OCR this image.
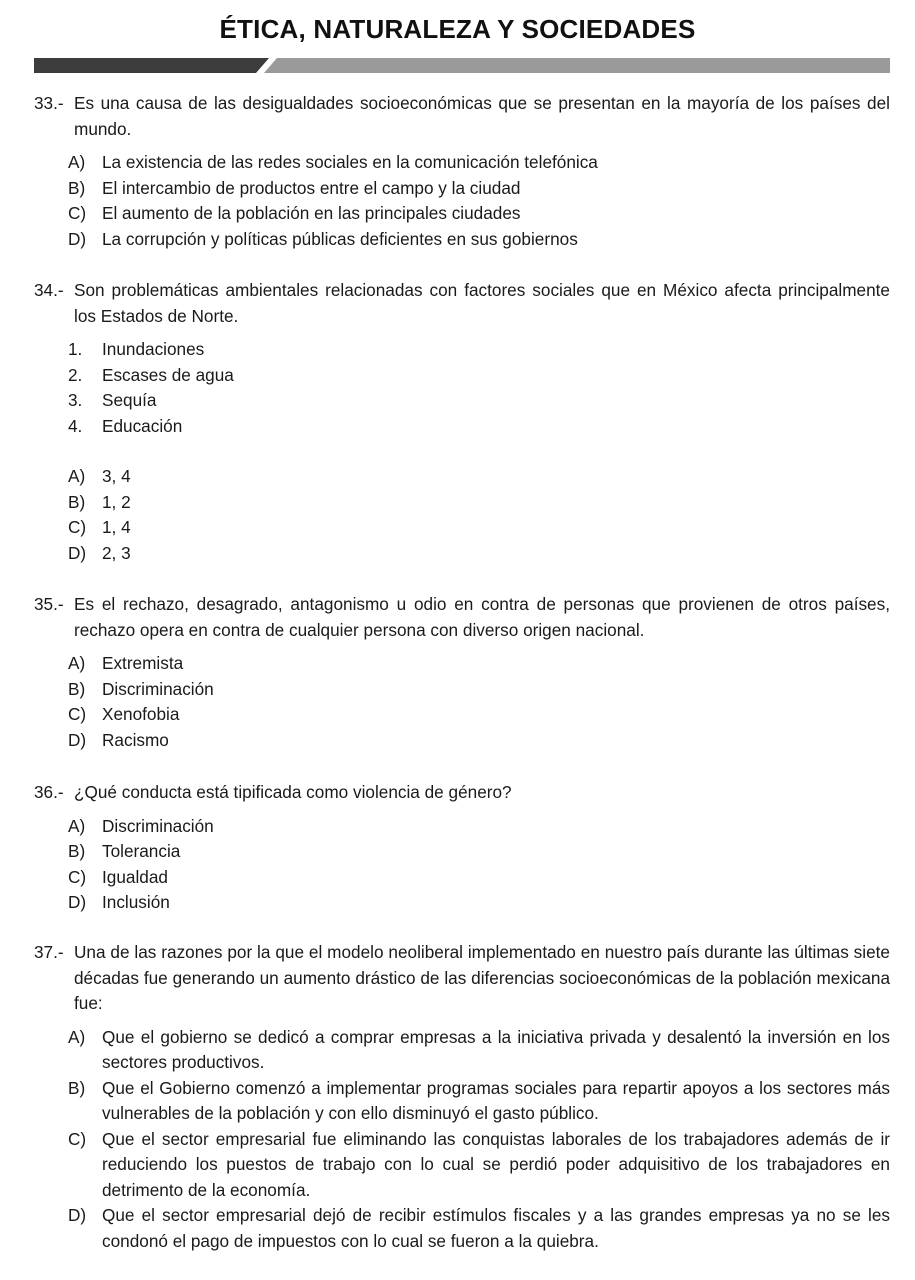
ÉTICA, NATURALEZA Y SOCIEDADES
33.- Es una causa de las desigualdades socioeconómicas que se presentan en la mayoría de los países del mundo.
A) La existencia de las redes sociales en la comunicación telefónica
B) El intercambio de productos entre el campo y la ciudad
C) El aumento de la población en las principales ciudades
D) La corrupción y políticas públicas deficientes en sus gobiernos
34.- Son problemáticas ambientales relacionadas con factores sociales que en México afecta principalmente los Estados de Norte.
1.	Inundaciones
2.	Escases de agua
3.	Sequía
4.	Educación
A) 3, 4
B) 1, 2
C) 1, 4
D) 2, 3
35.- Es el rechazo, desagrado, antagonismo u odio en contra de personas que provienen de otros países, rechazo opera en contra de cualquier persona con diverso origen nacional.
A) Extremista
B) Discriminación
C) Xenofobia
D) Racismo
36.- ¿Qué conducta está tipificada como violencia de género?
A) Discriminación
B) Tolerancia
C) Igualdad
D) Inclusión
37.- Una de las razones por la que el modelo neoliberal implementado en nuestro país durante las últimas siete décadas fue generando un aumento drástico de las diferencias socioeconómicas de la población mexicana fue:
A) Que el gobierno se dedicó a comprar empresas a la iniciativa privada y desalentó la inversión en los sectores productivos.
B) Que el Gobierno comenzó a implementar programas sociales para repartir apoyos a los sectores más vulnerables de la población y con ello disminuyó el gasto público.
C) Que el sector empresarial fue eliminando las conquistas laborales de los trabajadores además de ir reduciendo los puestos de trabajo con lo cual se perdió poder adquisitivo de los trabajadores en detrimento de la economía.
D) Que el sector empresarial dejó de recibir estímulos fiscales y a las grandes empresas ya no se les condonó el pago de impuestos con lo cual se fueron a la quiebra.
